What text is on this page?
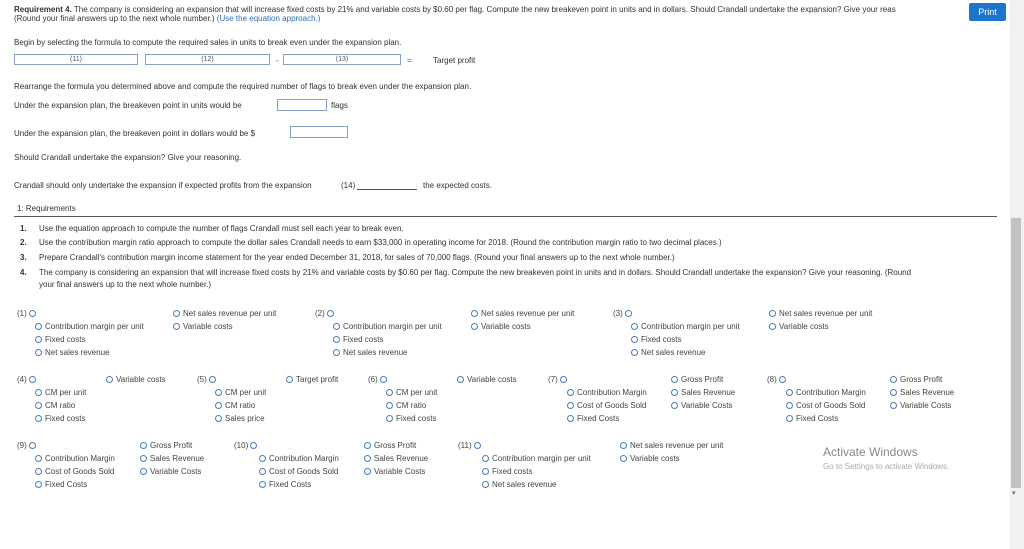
Requirement 4. The company is considering an expansion that will increase fixed costs by 21% and variable costs by $0.60 per flag. Compute the new breakeven point in units and in dollars. Should Crandall undertake the expansion? Give your reas
(Round your final answers up to the next whole number.) (Use the equation approach.)
Print
Begin by selecting the formula to compute the required sales in units to break even under the expansion plan.
(11)	(12)	-	(13)	=	Target profit
Rearrange the formula you determined above and compute the required number of flags to break even under the expansion plan.
Under the expansion plan, the breakeven point in units would be	flags
Under the expansion plan, the breakeven point in dollars would be $
Should Crandall undertake the expansion? Give your reasoning.
Crandall should only undertake the expansion if expected profits from the expansion	(14)	the expected costs.
1: Requirements
1. Use the equation approach to compute the number of flags Crandall must sell each year to break even.
2. Use the contribution margin ratio approach to compute the dollar sales Crandall needs to earn $33,000 in operating income for 2018. (Round the contribution margin ratio to two decimal places.)
3. Prepare Crandall's contribution margin income statement for the year ended December 31, 2018, for sales of 70,000 flags. (Round your final answers up to the next whole number.)
4. The company is considering an expansion that will increase fixed costs by 21% and variable costs by $0.60 per flag. Compute the new breakeven point in units and in dollars. Should Crandall undertake the expansion? Give your reasoning. (Round
your final answers up to the next whole number.)
(1)	Net sales revenue per unit
Contribution margin per unit	Variable costs
Fixed costs
Net sales revenue
(2)	Net sales revenue per unit
Contribution margin per unit	Variable costs
Fixed costs
Net sales revenue
(3)	Net sales revenue per unit
Contribution margin per unit	Variable costs
Fixed costs
Net sales revenue
(4)	Variable costs
CM per unit
CM ratio
Fixed costs
(5)	Target profit
CM per unit
CM ratio
Sales price
(6)	Variable costs
CM per unit
CM ratio
Fixed costs
(7)	Gross Profit
Contribution Margin	Sales Revenue
Cost of Goods Sold	Variable Costs
Fixed Costs
(8)	Gross Profit
Contribution Margin	Sales Revenue
Cost of Goods Sold	Variable Costs
Fixed Costs
(9)	Gross Profit
Contribution Margin	Sales Revenue
Cost of Goods Sold	Variable Costs
Fixed Costs
(10)	Gross Profit
Contribution Margin	Sales Revenue
Cost of Goods Sold	Variable Costs
Fixed Costs
(11)	Net sales revenue per unit
Contribution margin per unit	Variable costs
Fixed costs
Net sales revenue
Activate Windows
Go to Settings to activate Windows.
▾
